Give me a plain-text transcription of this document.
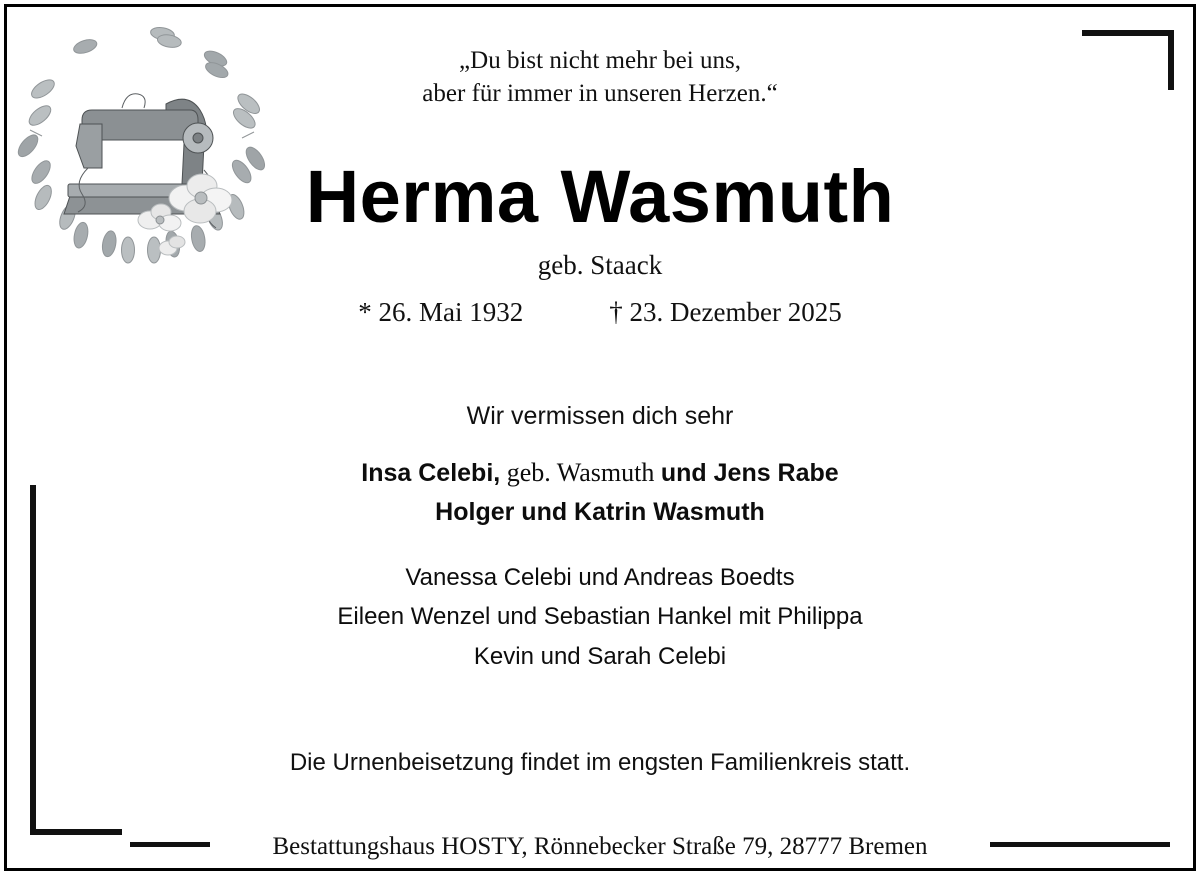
„Du bist nicht mehr bei uns,
aber für immer in unseren Herzen.“
Herma Wasmuth
geb. Staack
* 26. Mai 1932	† 23. Dezember 2025
Wir vermissen dich sehr
Insa Celebi, geb. Wasmuth und Jens Rabe
Holger und Katrin Wasmuth
Vanessa Celebi und Andreas Boedts
Eileen Wenzel und Sebastian Hankel mit Philippa
Kevin und Sarah Celebi
Die Urnenbeisetzung findet im engsten Familienkreis statt.
Bestattungshaus HOSTY, Rönnebecker Straße 79, 28777 Bremen
